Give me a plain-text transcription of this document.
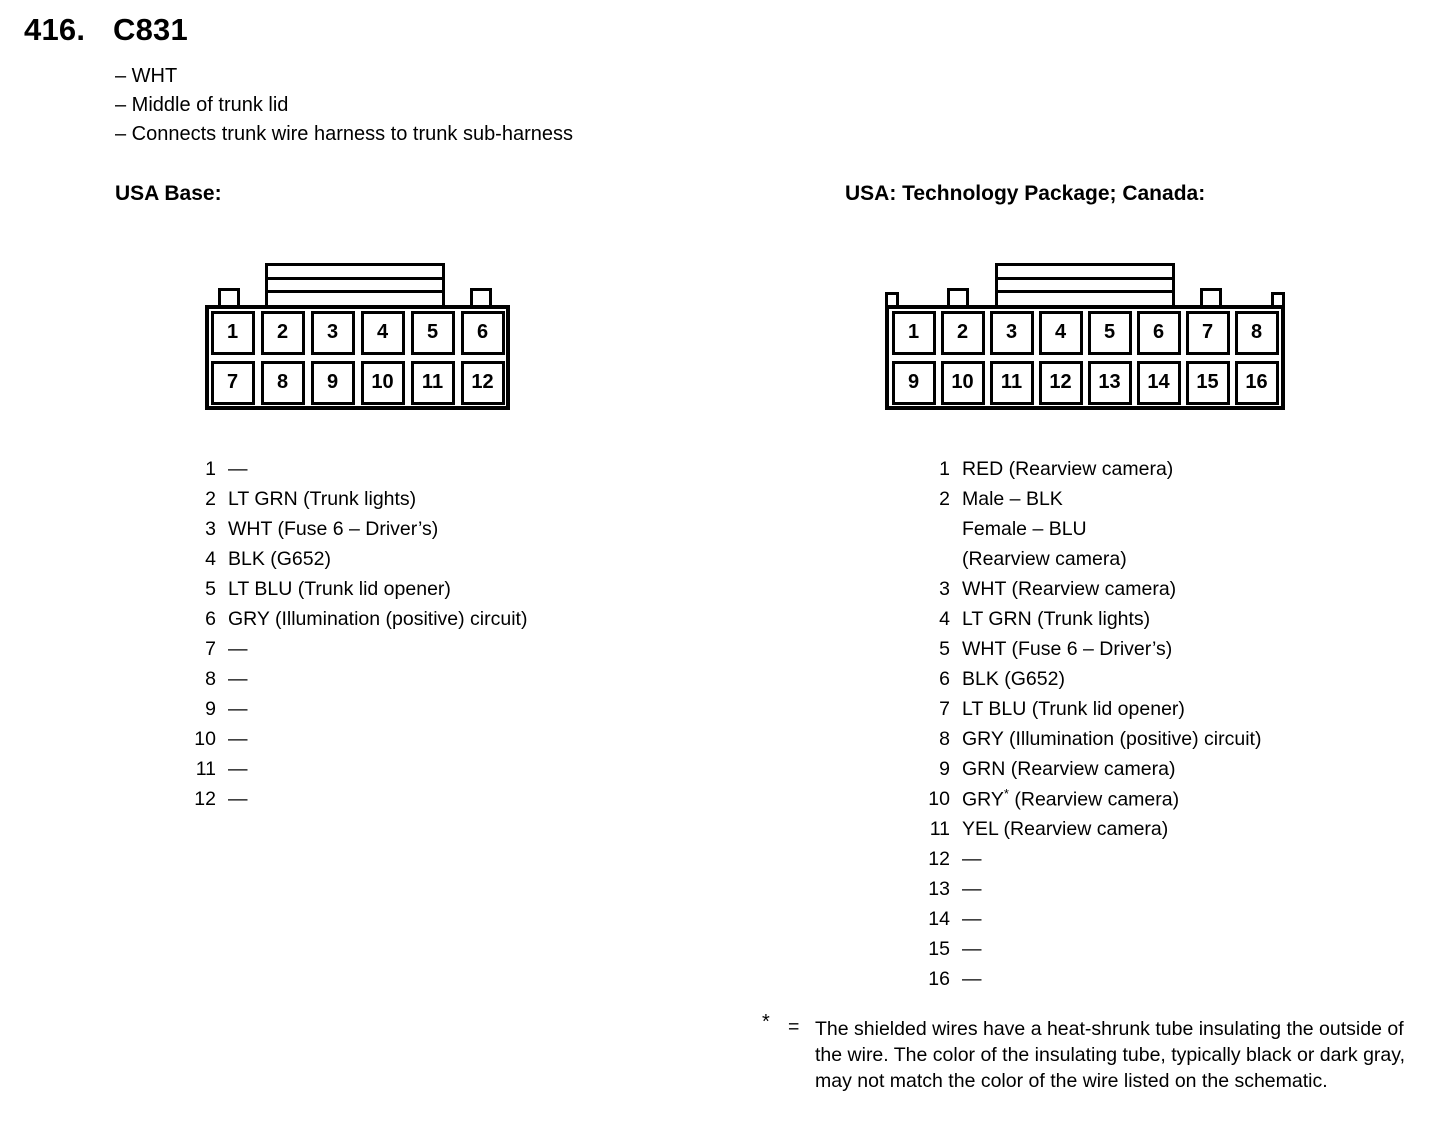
416. C831
– WHT
– Middle of trunk lid
– Connects trunk wire harness to trunk sub-harness
USA Base:	USA: Technology Package; Canada:
1	2	3	4	5	6
7	8	9	10	11	12
1	2	3	4	5	6	7	8
9	10	11	12	13	14	15	16
1 —
2 LT GRN (Trunk lights)
3 WHT (Fuse 6 – Driver’s)
4 BLK (G652)
5 LT BLU (Trunk lid opener)
6 GRY (Illumination (positive) circuit)
7 —
8 —
9 —
10 —
11 —
12 —
1 RED (Rearview camera)
2 Male – BLK
Female – BLU
(Rearview camera)
3 WHT (Rearview camera)
4 LT GRN (Trunk lights)
5 WHT (Fuse 6 – Driver’s)
6 BLK (G652)
7 LT BLU (Trunk lid opener)
8 GRY (Illumination (positive) circuit)
9 GRN (Rearview camera)
10 GRY* (Rearview camera)
11 YEL (Rearview camera)
12 —
13 —
14 —
15 —
16 —
* = The shielded wires have a heat-shrunk tube insulating the outside of the wire. The color of the insulating tube, typically black or dark gray, may not match the color of the wire listed on the schematic.
